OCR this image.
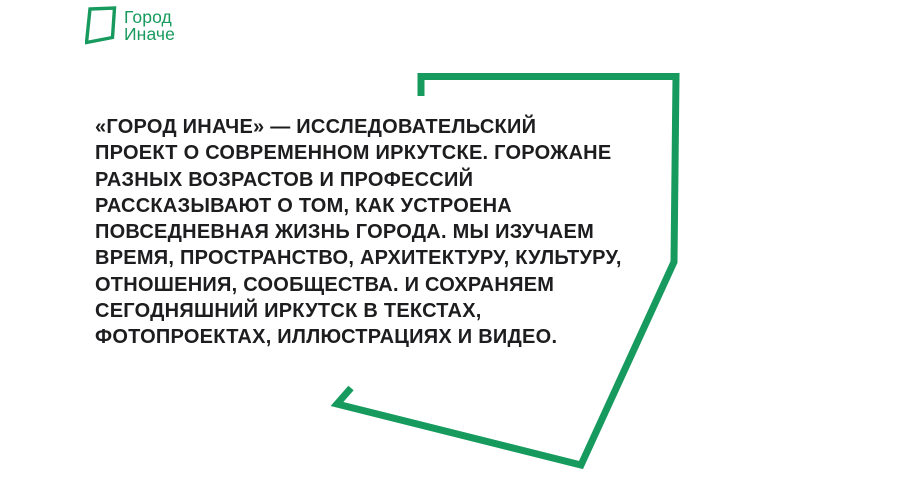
Город
Иначе
«ГОРОД ИНАЧЕ» — ИССЛЕДОВАТЕЛЬСКИЙ
ПРОЕКТ О СОВРЕМЕННОМ ИРКУТСКЕ. ГОРОЖАНЕ
РАЗНЫХ ВОЗРАСТОВ И ПРОФЕССИЙ
РАССКАЗЫВАЮТ О ТОМ, КАК УСТРОЕНА
ПОВСЕДНЕВНАЯ ЖИЗНЬ ГОРОДА. МЫ ИЗУЧАЕМ
ВРЕМЯ, ПРОСТРАНСТВО, АРХИТЕКТУРУ, КУЛЬТУРУ,
ОТНОШЕНИЯ, СООБЩЕСТВА. И СОХРАНЯЕМ
СЕГОДНЯШНИЙ ИРКУТСК В ТЕКСТАХ,
ФОТОПРОЕКТАХ, ИЛЛЮСТРАЦИЯХ И ВИДЕО.
